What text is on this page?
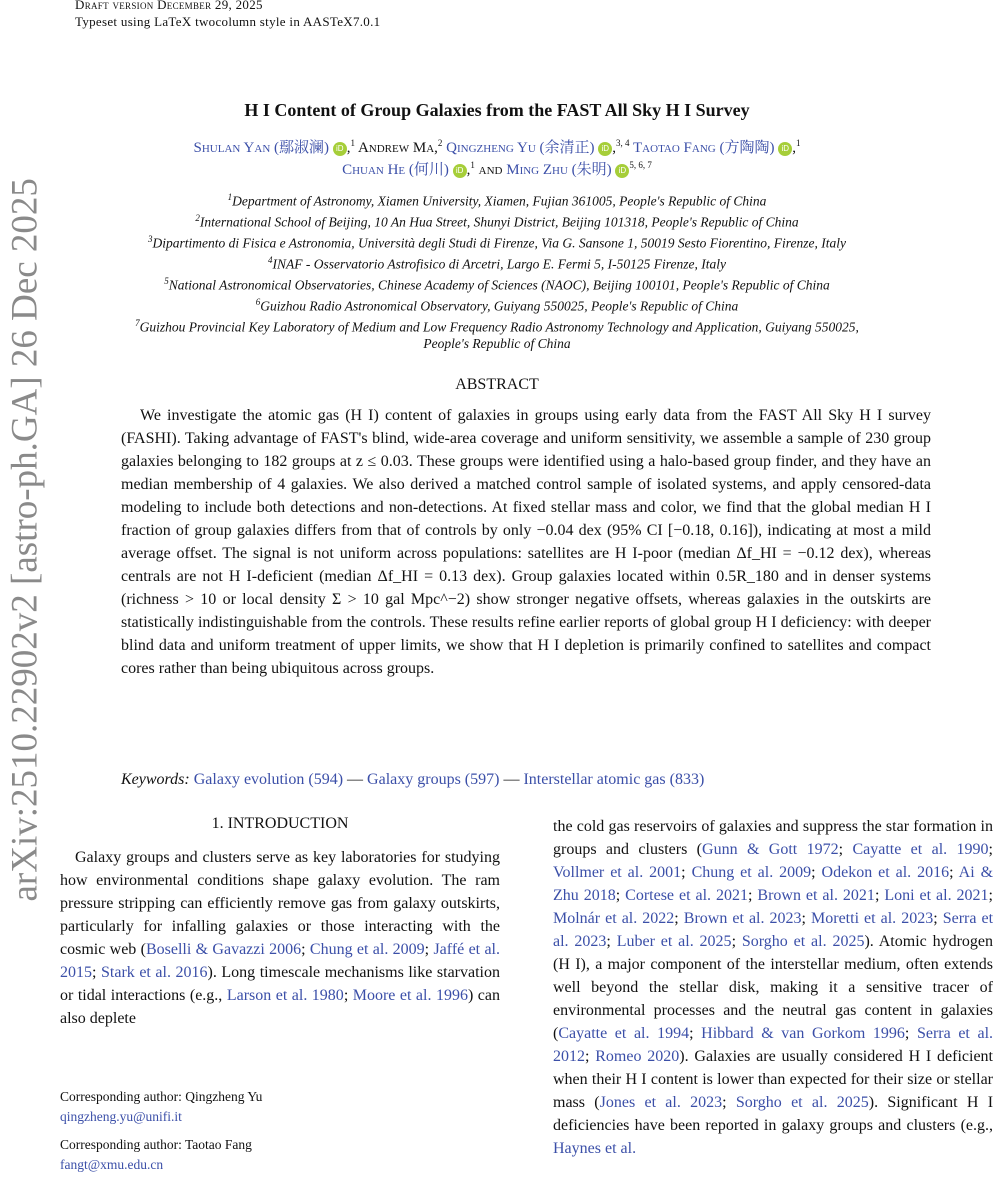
Draft version December 29, 2025
Typeset using LaTeX twocolumn style in AASTeX7.0.1
arXiv:2510.22902v2 [astro-ph.GA] 26 Dec 2025
H I Content of Group Galaxies from the FAST All Sky H I Survey
Shulan Yan (鄢淑澜) iD ,$^1$ Andrew Ma,$^2$ Qingzheng Yu (余清正) iD ,$^{3, 4}$ Taotao Fang (方陶陶) iD ,$^1$
Chuan He (何川) iD ,$^1$ and Ming Zhu (朱明) iD$^{5, 6, 7}$
$^1$Department of Astronomy, Xiamen University, Xiamen, Fujian 361005, People's Republic of China
$^2$International School of Beijing, 10 An Hua Street, Shunyi District, Beijing 101318, People's Republic of China
$^3$Dipartimento di Fisica e Astronomia, Università degli Studi di Firenze, Via G. Sansone 1, 50019 Sesto Fiorentino, Firenze, Italy
$^4$INAF - Osservatorio Astrofisico di Arcetri, Largo E. Fermi 5, I-50125 Firenze, Italy
$^5$National Astronomical Observatories, Chinese Academy of Sciences (NAOC), Beijing 100101, People's Republic of China
$^6$Guizhou Radio Astronomical Observatory, Guiyang 550025, People's Republic of China
$^7$Guizhou Provincial Key Laboratory of Medium and Low Frequency Radio Astronomy Technology and Application, Guiyang 550025,
People's Republic of China
ABSTRACT
We investigate the atomic gas (H I) content of galaxies in groups using early data from the FAST All Sky H I survey (FASHI). Taking advantage of FAST's blind, wide-area coverage and uniform sensitivity, we assemble a sample of 230 group galaxies belonging to 182 groups at z ≤ 0.03. These groups were identified using a halo-based group finder, and they have an median membership of 4 galaxies. We also derived a matched control sample of isolated systems, and apply censored-data modeling to include both detections and non-detections. At fixed stellar mass and color, we find that the global median H I fraction of group galaxies differs from that of controls by only −0.04 dex (95% CI [−0.18, 0.16]), indicating at most a mild average offset. The signal is not uniform across populations: satellites are H I-poor (median Δf_HI = −0.12 dex), whereas centrals are not H I-deficient (median Δf_HI = 0.13 dex). Group galaxies located within 0.5R_180 and in denser systems (richness > 10 or local density Σ > 10 gal Mpc^−2) show stronger negative offsets, whereas galaxies in the outskirts are statistically indistinguishable from the controls. These results refine earlier reports of global group H I deficiency: with deeper blind data and uniform treatment of upper limits, we show that H I depletion is primarily confined to satellites and compact cores rather than being ubiquitous across groups.
Keywords: Galaxy evolution (594) — Galaxy groups (597) — Interstellar atomic gas (833)
1. INTRODUCTION
Galaxy groups and clusters serve as key laboratories for studying how environmental conditions shape galaxy evolution. The ram pressure stripping can efficiently remove gas from galaxy outskirts, particularly for infalling galaxies or those interacting with the cosmic web (Boselli & Gavazzi 2006; Chung et al. 2009; Jaffé et al. 2015; Stark et al. 2016). Long timescale mechanisms like starvation or tidal interactions (e.g., Larson et al. 1980; Moore et al. 1996) can also deplete
Corresponding author: Qingzheng Yu
qingzheng.yu@unifi.it
Corresponding author: Taotao Fang
fangt@xmu.edu.cn
the cold gas reservoirs of galaxies and suppress the star formation in groups and clusters (Gunn & Gott 1972; Cayatte et al. 1990; Vollmer et al. 2001; Chung et al. 2009; Odekon et al. 2016; Ai & Zhu 2018; Cortese et al. 2021; Brown et al. 2021; Loni et al. 2021; Molnár et al. 2022; Brown et al. 2023; Moretti et al. 2023; Serra et al. 2023; Luber et al. 2025; Sorgho et al. 2025). Atomic hydrogen (H I), a major component of the interstellar medium, often extends well beyond the stellar disk, making it a sensitive tracer of environmental processes and the neutral gas content in galaxies (Cayatte et al. 1994; Hibbard & van Gorkom 1996; Serra et al. 2012; Romeo 2020). Galaxies are usually considered H I deficient when their H I content is lower than expected for their size or stellar mass (Jones et al. 2023; Sorgho et al. 2025). Significant H I deficiencies have been reported in galaxy groups and clusters (e.g., Haynes et al.
